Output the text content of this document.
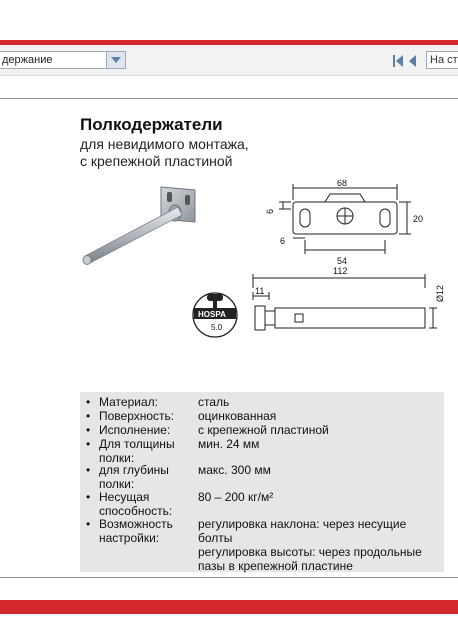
держание	На ст
Полкодержатели
для невидимого монтажа,
с крепежной пластиной
68
6
20
6
54
112
11	Ø12
HOSPA
5.0
• Материал:	сталь
• Поверхность:	оцинкованная
• Исполнение:	с крепежной пластиной
• Для толщины
полки:
мин. 24 мм
• для глубины
полки:
макс. 300 мм
• Несущая
способность:
80 – 200 кг/м²
• Возможность
настройки:
регулировка наклона: через несущие
болты
регулировка высоты: через продольные
пазы в крепежной пластине
